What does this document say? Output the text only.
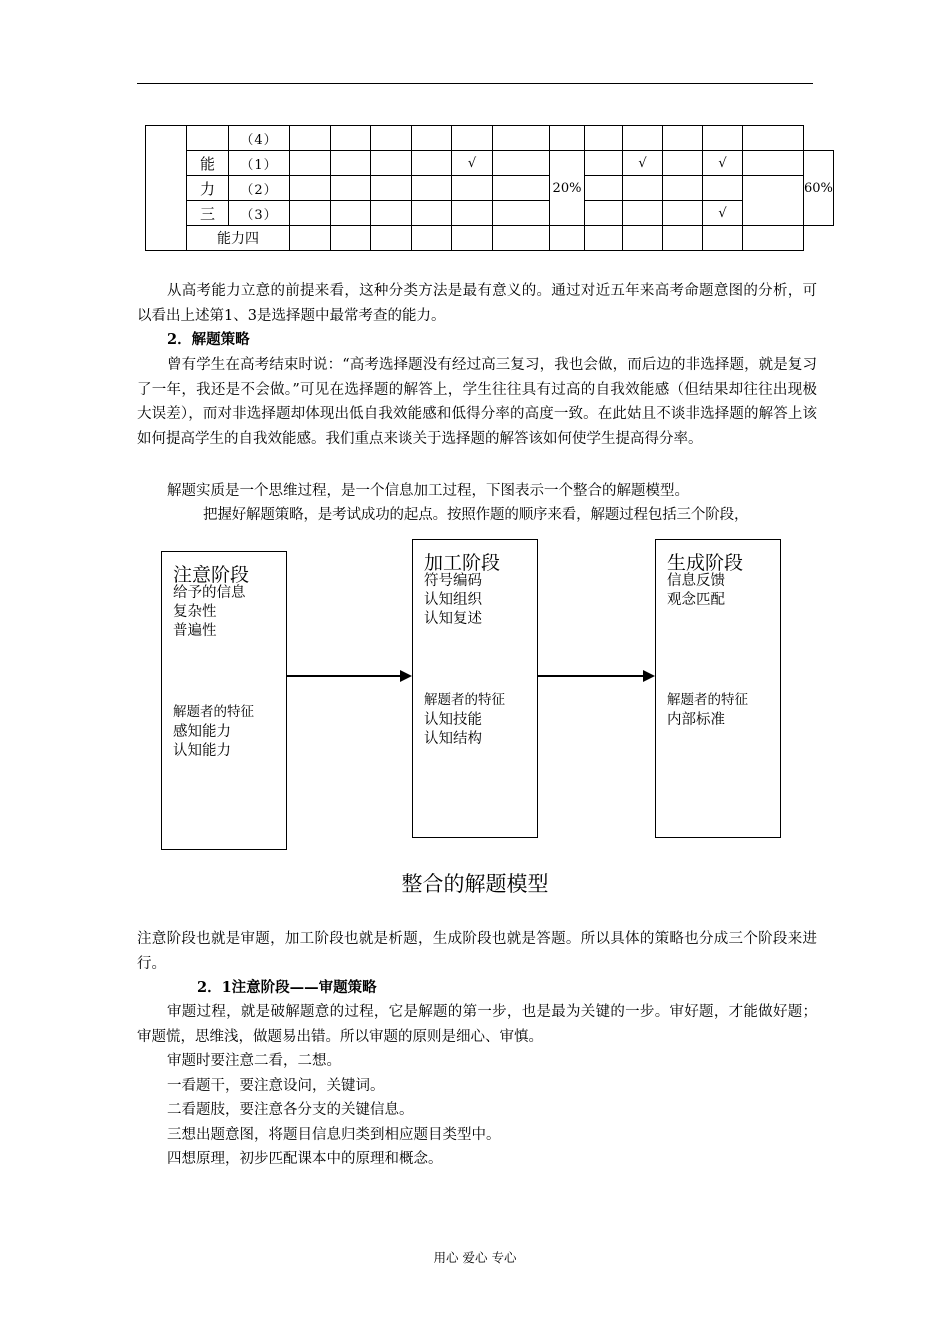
		（4）													
	能	（1）					√		20%		√		√		60%
	力	（2）													
	三	（3）											√		
	能力四														

从高考能力立意的前提来看，这种分类方法是最有意义的。通过对近五年来高考命题意图的分析，可以看出上述第1、3是选择题中最常考查的能力。

2．解题策略

曾有学生在高考结束时说：“高考选择题没有经过高三复习，我也会做，而后边的非选择题，就是复习了一年，我还是不会做。”可见在选择题的解答上，学生往往具有过高的自我效能感（但结果却往往出现极大误差），而对非选择题却体现出低自我效能感和低得分率的高度一致。在此姑且不谈非选择题的解答上该如何提高学生的自我效能感。我们重点来谈关于选择题的解答该如何使学生提高得分率。

解题实质是一个思维过程，是一个信息加工过程，下图表示一个整合的解题模型。

把握好解题策略，是考试成功的起点。按照作题的顺序来看，解题过程包括三个阶段，

注意阶段
给予的信息
复杂性
普遍性
解题者的特征
感知能力
认知能力
加工阶段
符号编码
认知组织
认知复述
解题者的特征
认知技能
认知结构
生成阶段
信息反馈
观念匹配
解题者的特征
内部标准
整合的解题模型

注意阶段也就是审题，加工阶段也就是析题，生成阶段也就是答题。所以具体的策略也分成三个阶段来进行。

2．1注意阶段——审题策略

审题过程，就是破解题意的过程，它是解题的第一步，也是最为关键的一步。审好题，才能做好题；审题慌，思维浅，做题易出错。所以审题的原则是细心、审慎。

审题时要注意二看，二想。

一看题干，要注意设问，关键词。

二看题肢，要注意各分支的关键信息。

三想出题意图，将题目信息归类到相应题目类型中。

四想原理，初步匹配课本中的原理和概念。

用心 爱心 专心
